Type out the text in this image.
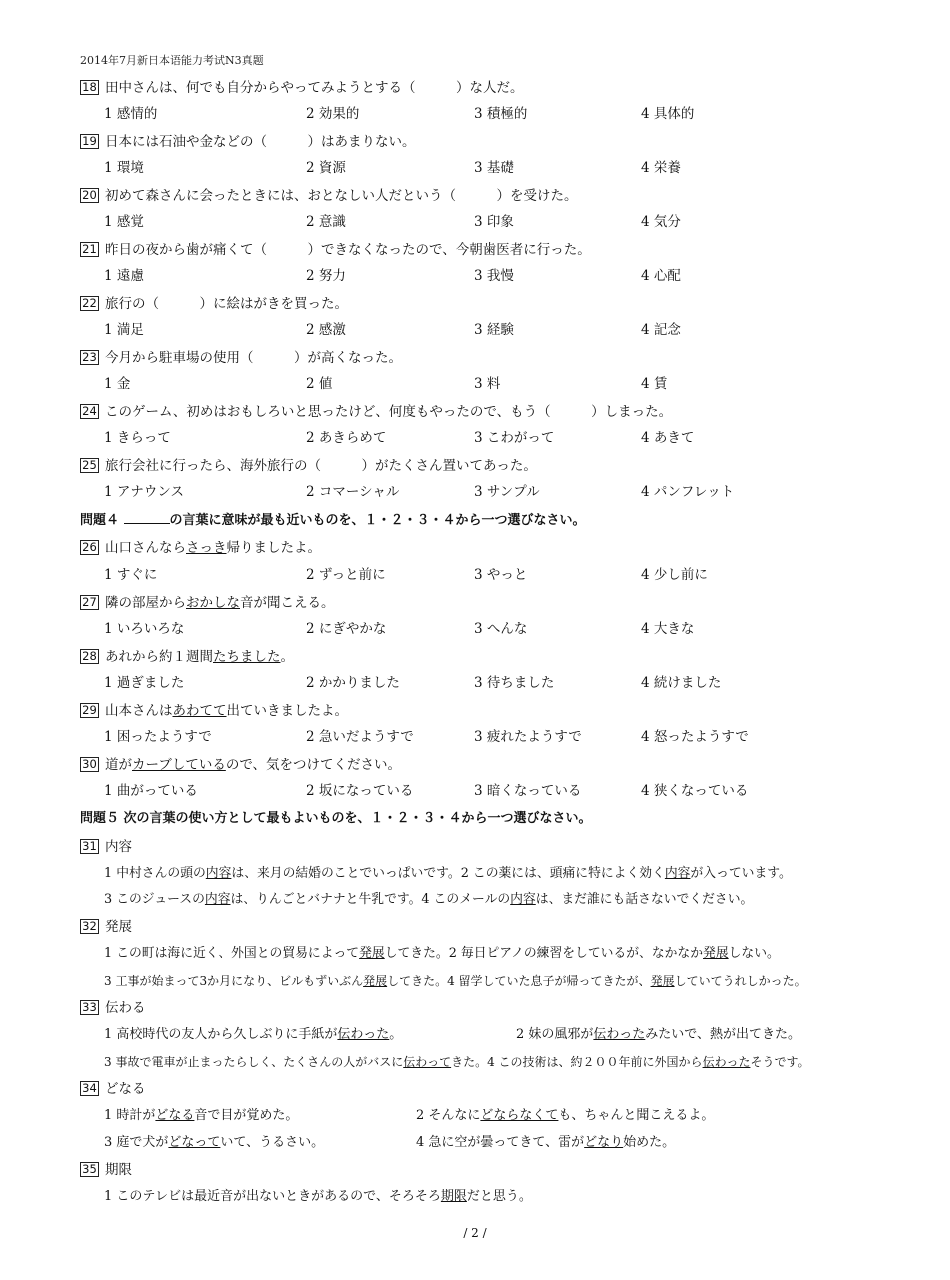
2014年7月新日本语能力考试N3真题
18 田中さんは、何でも自分からやってみようとする（　　　）な人だ。
1 感情的	2 効果的	3 積極的	4 具体的
19 日本には石油や金などの（　　　）はあまりない。
1 環境	2 資源	3 基礎	4 栄養
20 初めて森さんに会ったときには、おとなしい人だという（　　　）を受けた。
1 感覚	2 意識	3 印象	4 気分
21 昨日の夜から歯が痛くて（　　　）できなくなったので、今朝歯医者に行った。
1 遠慮	2 努力	3 我慢	4 心配
22 旅行の（　　　）に絵はがきを買った。
1 満足	2 感激	3 経験	4 記念
23 今月から駐車場の使用（　　　）が高くなった。
1 金	2 値	3 料	4 賃
24 このゲーム、初めはおもしろいと思ったけど、何度もやったので、もう（　　　）しまった。
1 きらって	2 あきらめて	3 こわがって	4 あきて
25 旅行会社に行ったら、海外旅行の（　　　）がたくさん置いてあった。
1 アナウンス	2 コマーシャル	3 サンプル	4 パンフレット
問題４	の言葉に意味が最も近いものを、１・２・３・４から一つ選びなさい。
26 山口さんならさっき帰りましたよ。
1 すぐに	2 ずっと前に	3 やっと	4 少し前に
27 隣の部屋からおかしな音が聞こえる。
1 いろいろな	2 にぎやかな	3 へんな	4 大きな
28 あれから約１週間たちました。
1 過ぎました	2 かかりました	3 待ちました	4 続けました
29 山本さんはあわてて出ていきましたよ。
1 困ったようすで	2 急いだようすで	3 疲れたようすで	4 怒ったようすで
30 道がカーブしているので、気をつけてください。
1 曲がっている	2 坂になっている	3 暗くなっている	4 狭くなっている
問題５ 次の言葉の使い方として最もよいものを、１・２・３・４から一つ選びなさい。
31 内容
1 中村さんの頭の内容は、来月の結婚のことでいっぱいです。2 この薬には、頭痛に特によく効く内容が入っています。
3 このジュースの内容は、りんごとバナナと牛乳です。4 このメールの内容は、まだ誰にも話さないでください。
32 発展
1 この町は海に近く、外国との貿易によって発展してきた。2 毎日ピアノの練習をしているが、なかなか発展しない。
3 工事が始まって3か月になり、ビルもずいぶん発展してきた。4 留学していた息子が帰ってきたが、発展していてうれしかった。
33 伝わる
1 高校時代の友人から久しぶりに手紙が伝わった。	2 妹の風邪が伝わったみたいで、熱が出てきた。
3 事故で電車が止まったらしく、たくさんの人がバスに伝わってきた。4 この技術は、約２００年前に外国から伝わったそうです。
34 どなる
1 時計がどなる音で目が覚めた。	2 そんなにどならなくても、ちゃんと聞こえるよ。
3 庭で犬がどなっていて、うるさい。	4 急に空が曇ってきて、雷がどなり始めた。
35 期限
1 このテレビは最近音が出ないときがあるので、そろそろ期限だと思う。
/ 2 /
